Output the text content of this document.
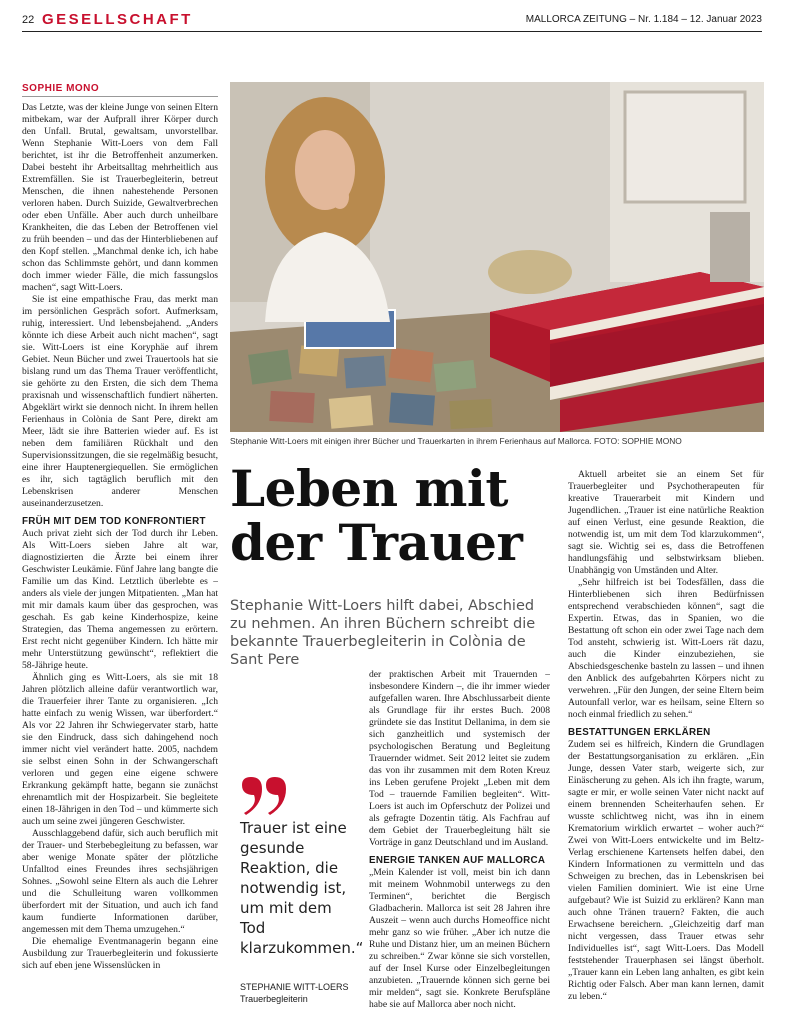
22 GESELLSCHAFT	MALLORCA ZEITUNG – Nr. 1.184 – 12. Januar 2023
SOPHIE MONO

Das Letzte, was der kleine Junge von seinen Eltern mitbekam, war der Aufprall ihrer Körper durch den Unfall. Brutal, gewaltsam, unvorstellbar. Wenn Stephanie Witt-Loers von dem Fall berichtet, ist ihr die Betroffenheit anzumerken. Dabei besteht ihr Arbeitsalltag mehrheitlich aus Extremfällen. Sie ist Trauerbegleiterin, betreut Menschen, die ihnen nahestehende Personen verloren haben. Durch Suizide, Gewaltverbrechen oder eben Unfälle. Aber auch durch unheilbare Krankheiten, die das Leben der Betroffenen viel zu früh beenden – und das der Hinterbliebenen auf den Kopf stellen. „Manchmal denke ich, ich habe schon das Schlimmste gehört, und dann kommen doch immer wieder Fälle, die mich fassungslos machen“, sagt Witt-Loers.

Sie ist eine empathische Frau, das merkt man im persönlichen Gespräch sofort. Aufmerksam, ruhig, interessiert. Und lebensbejahend. „Anders könnte ich diese Arbeit auch nicht machen“, sagt sie. Witt-Loers ist eine Koryphäe auf ihrem Gebiet. Neun Bücher und zwei Trauertools hat sie bislang rund um das Thema Trauer veröffentlicht, sie gehörte zu den Ersten, die sich dem Thema praxisnah und wissenschaftlich fundiert näherten. Abgeklärt wirkt sie dennoch nicht. In ihrem hellen Ferienhaus in Colònia de Sant Pere, direkt am Meer, lädt sie ihre Batterien wieder auf. Es ist neben dem familiären Rückhalt und den Supervisionssitzungen, die sie regelmäßig besucht, eine ihrer Hauptenergiequellen. Sie ermöglichen es ihr, sich tagtäglich beruflich mit den Lebenskrisen anderer Menschen auseinanderzusetzen.

FRÜH MIT DEM TOD KONFRONTIERT

Auch privat zieht sich der Tod durch ihr Leben. Als Witt-Loers sieben Jahre alt war, diagnostizierten die Ärzte bei einem ihrer Geschwister Leukämie. Fünf Jahre lang bangte die Familie um das Kind. Letztlich überlebte es – anders als viele der jungen Mitpatienten. „Man hat mit mir damals kaum über das gesprochen, was geschah. Es gab keine Kinderhospize, keine Strategien, das Thema angemessen zu erörtern. Erst recht nicht gegenüber Kindern. Ich hätte mir mehr Unterstützung gewünscht“, reflektiert die 58-Jährige heute.

Ähnlich ging es Witt-Loers, als sie mit 18 Jahren plötzlich alleine dafür verantwortlich war, die Trauerfeier ihrer Tante zu organisieren. „Ich hatte einfach zu wenig Wissen, war überfordert.“ Als vor 22 Jahren ihr Schwiegervater starb, hatte sie den Eindruck, dass sich dahingehend noch immer nicht viel verändert hatte. 2005, nachdem sie selbst einen Sohn in der Schwangerschaft verloren und gegen eine eigene schwere Erkrankung gekämpft hatte, begann sie zunächst ehrenamtlich mit der Hospizarbeit. Sie begleitete einen 18-Jährigen in den Tod – und kümmerte sich auch um seine zwei jüngeren Geschwister.

Ausschlaggebend dafür, sich auch beruflich mit der Trauer- und Sterbebegleitung zu befassen, war aber wenige Monate später der plötzliche Unfalltod eines Freundes ihres sechsjährigen Sohnes. „Sowohl seine Eltern als auch die Lehrer und die Schulleitung waren vollkommen überfordert mit der Situation, und auch ich fand kaum fundierte Informationen darüber, angemessen mit dem Thema umzugehen.“

Die ehemalige Eventmanagerin begann eine Ausbildung zur Trauerbegleiterin und fokussierte sich auf eben jene Wissenslücken in

Stephanie Witt-Loers mit einigen ihrer Bücher und Trauerkarten in ihrem Ferienhaus auf Mallorca. FOTO: SOPHIE MONO
Leben mit
der Trauer
Stephanie Witt-Loers hilft dabei, Abschied zu nehmen. An ihren Büchern schreibt die bekannte Trauerbegleiterin in Colònia de Sant Pere
Trauer ist eine gesunde Reaktion, die notwendig ist, um mit dem Tod klarzukommen.“
STEPHANIE WITT-LOERS
Trauerbegleiterin

der praktischen Arbeit mit Trauernden – insbesondere Kindern –, die ihr immer wieder aufgefallen waren. Ihre Abschlussarbeit diente als Grundlage für ihr erstes Buch. 2008 gründete sie das Institut Dellanima, in dem sie sich ganzheitlich und systemisch der psychologischen Beratung und Begleitung Trauernder widmet. Seit 2012 leitet sie zudem das von ihr zusammen mit dem Roten Kreuz ins Leben gerufene Projekt „Leben mit dem Tod – trauernde Familien begleiten“. Witt-Loers ist auch im Opferschutz der Polizei und als gefragte Dozentin tätig. Als Fachfrau auf dem Gebiet der Trauerbegleitung hält sie Vorträge in ganz Deutschland und im Ausland.

ENERGIE TANKEN AUF MALLORCA

„Mein Kalender ist voll, meist bin ich dann mit meinem Wohnmobil unterwegs zu den Terminen“, berichtet die Bergisch Gladbacherin. Mallorca ist seit 28 Jahren ihre Auszeit – wenn auch durchs Homeoffice nicht mehr ganz so wie früher. „Aber ich nutze die Ruhe und Distanz hier, um an meinen Büchern zu schreiben.“ Zwar könne sie sich vorstellen, auf der Insel Kurse oder Einzelbegleitungen anzubieten. „Trauernde können sich gerne bei mir melden“, sagt sie. Konkrete Berufspläne habe sie auf Mallorca aber noch nicht.

Aktuell arbeitet sie an einem Set für Trauerbegleiter und Psychotherapeuten für kreative Trauerarbeit mit Kindern und Jugendlichen. „Trauer ist eine natürliche Reaktion auf einen Verlust, eine gesunde Reaktion, die notwendig ist, um mit dem Tod klarzukommen“, sagt sie. Wichtig sei es, dass die Betroffenen handlungsfähig und selbstwirksam blieben. Unabhängig von Umständen und Alter.

„Sehr hilfreich ist bei Todesfällen, dass die Hinterbliebenen sich ihren Bedürfnissen entsprechend verabschieden können“, sagt die Expertin. Etwas, das in Spanien, wo die Bestattung oft schon ein oder zwei Tage nach dem Tod ansteht, schwierig ist. Witt-Loers rät dazu, auch die Kinder einzubeziehen, sie Abschiedsgeschenke basteln zu lassen – und ihnen den Anblick des aufgebahrten Körpers nicht zu verwehren. „Für den Jungen, der seine Eltern beim Autounfall verlor, war es heilsam, seine Eltern so noch einmal friedlich zu sehen.“

BESTATTUNGEN ERKLÄREN

Zudem sei es hilfreich, Kindern die Grundlagen der Bestattungsorganisation zu erklären. „Ein Junge, dessen Vater starb, weigerte sich, zur Einäscherung zu gehen. Als ich ihn fragte, warum, sagte er mir, er wolle seinen Vater nicht nackt auf einem brennenden Scheiterhaufen sehen. Er wusste schlichtweg nicht, was ihn in einem Krematorium wirklich erwartet – woher auch?“ Zwei von Witt-Loers entwickelte und im Beltz-Verlag erschienene Kartensets helfen dabei, den Kindern Informationen zu vermitteln und das Schweigen zu brechen, das in Lebenskrisen bei vielen Familien dominiert. Wie ist eine Urne aufgebaut? Wie ist Suizid zu erklären? Kann man auch ohne Tränen trauern? Fakten, die auch Erwachsene bereichern. „Gleichzeitig darf man nicht vergessen, dass Trauer etwas sehr Individuelles ist“, sagt Witt-Loers. Das Modell feststehender Trauerphasen sei längst überholt. „Trauer kann ein Leben lang anhalten, es gibt kein Richtig oder Falsch. Aber man kann lernen, damit zu leben.“
